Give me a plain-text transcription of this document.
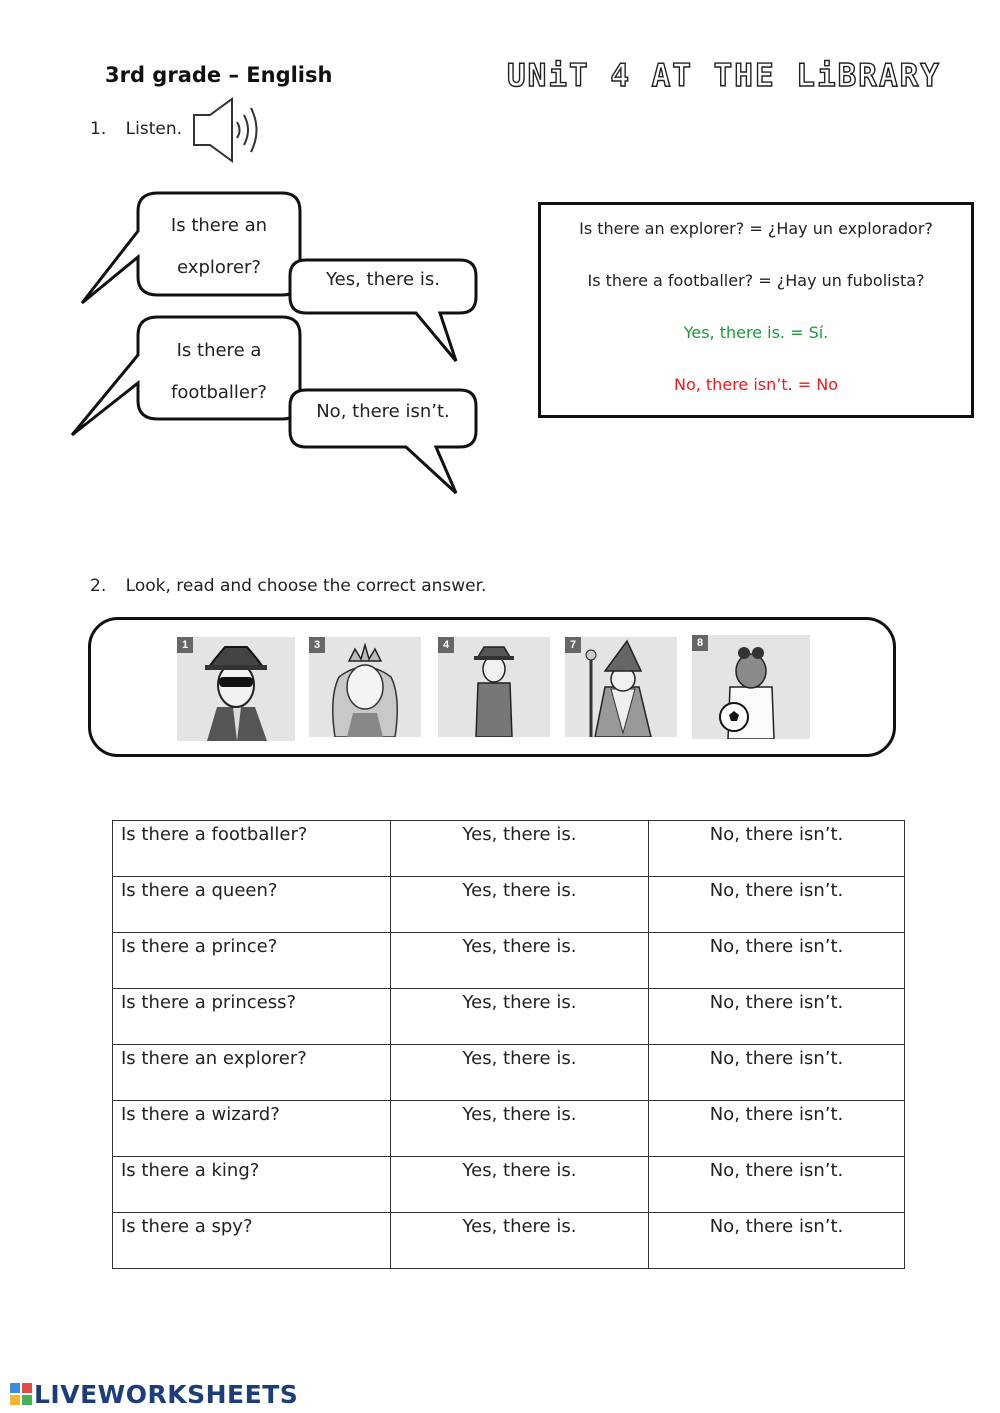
3rd grade – English	UNiT 4 AT THE LiBRARY
1. Listen.
Is there an
explorer?
Yes, there is.
Is there a
footballer?
No, there isn’t.
Is there an explorer? = ¿Hay un explorador?
Is there a footballer? = ¿Hay un fubolista?
Yes, there is. = Sí.
No, there isn’t. = No
2. Look, read and choose the correct answer.
1	3	4	7	8
Is there a footballer?	Yes, there is.	No, there isn’t.
Is there a queen?	Yes, there is.	No, there isn’t.
Is there a prince?	Yes, there is.	No, there isn’t.
Is there a princess?	Yes, there is.	No, there isn’t.
Is there an explorer?	Yes, there is.	No, there isn’t.
Is there a wizard?	Yes, there is.	No, there isn’t.
Is there a king?	Yes, there is.	No, there isn’t.
Is there a spy?	Yes, there is.	No, there isn’t.
LIVEWORKSHEETS
